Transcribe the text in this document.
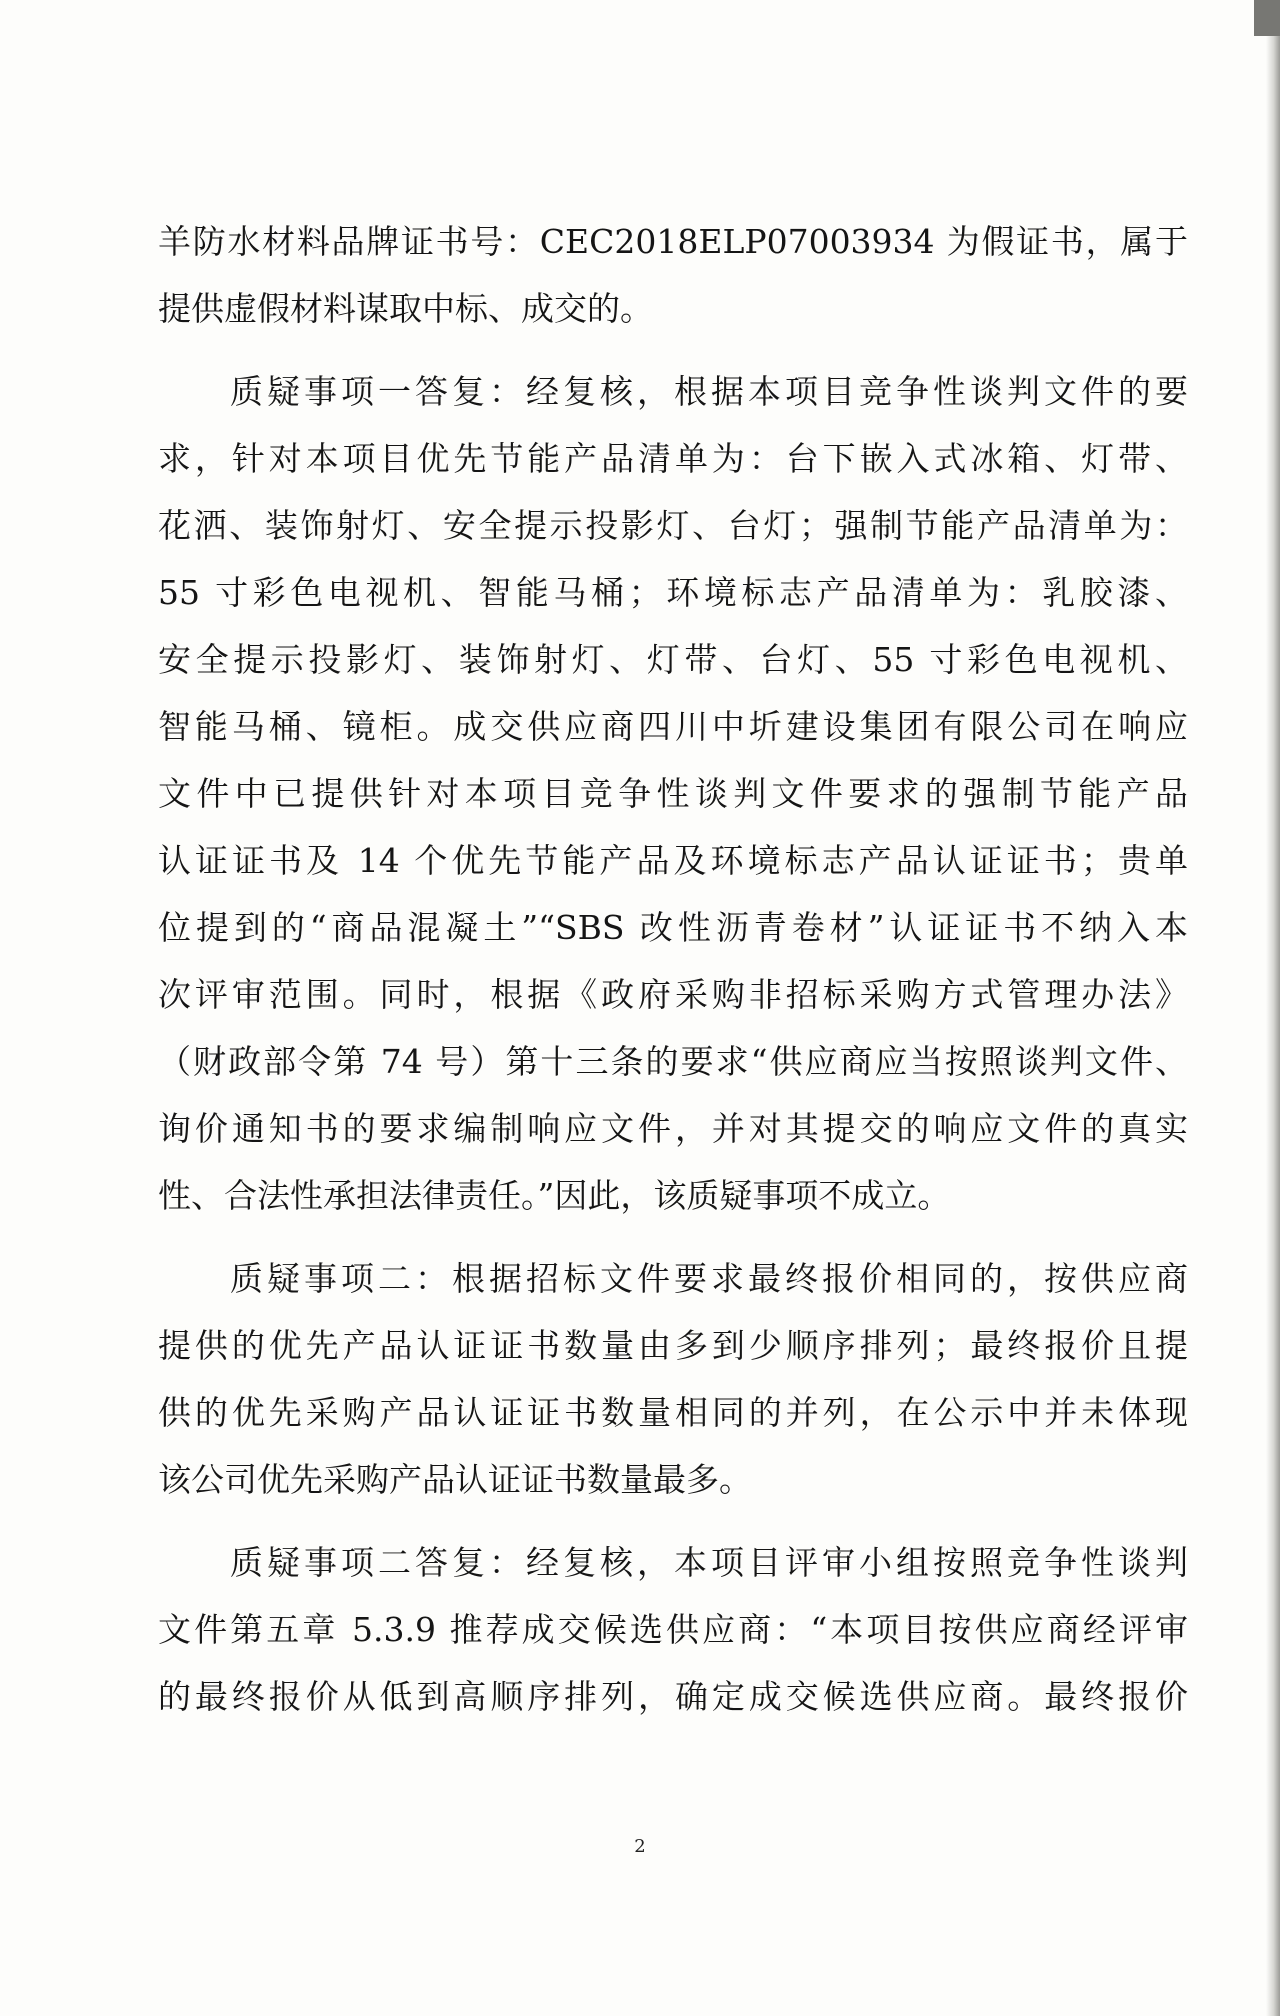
羊防水材料品牌证书号：CEC2018ELP07003934 为假证书，属于
提供虚假材料谋取中标、成交的。
质疑事项一答复：经复核，根据本项目竞争性谈判文件的要
求，针对本项目优先节能产品清单为：台下嵌入式冰箱、灯带、
花洒、装饰射灯、安全提示投影灯、台灯；强制节能产品清单为：
55 寸彩色电视机、智能马桶；环境标志产品清单为：乳胶漆、
安全提示投影灯、装饰射灯、灯带、台灯、55 寸彩色电视机、
智能马桶、镜柜。成交供应商四川中圻建设集团有限公司在响应
文件中已提供针对本项目竞争性谈判文件要求的强制节能产品
认证证书及 14 个优先节能产品及环境标志产品认证证书；贵单
位提到的“商品混凝土”“SBS 改性沥青卷材”认证证书不纳入本
次评审范围。同时，根据《政府采购非招标采购方式管理办法》
（财政部令第 74 号）第十三条的要求“供应商应当按照谈判文件、
询价通知书的要求编制响应文件，并对其提交的响应文件的真实
性、合法性承担法律责任。”因此，该质疑事项不成立。
质疑事项二：根据招标文件要求最终报价相同的，按供应商
提供的优先产品认证证书数量由多到少顺序排列；最终报价且提
供的优先采购产品认证证书数量相同的并列，在公示中并未体现
该公司优先采购产品认证证书数量最多。
质疑事项二答复：经复核，本项目评审小组按照竞争性谈判
文件第五章 5.3.9 推荐成交候选供应商：“本项目按供应商经评审
的最终报价从低到高顺序排列，确定成交候选供应商。最终报价
2
